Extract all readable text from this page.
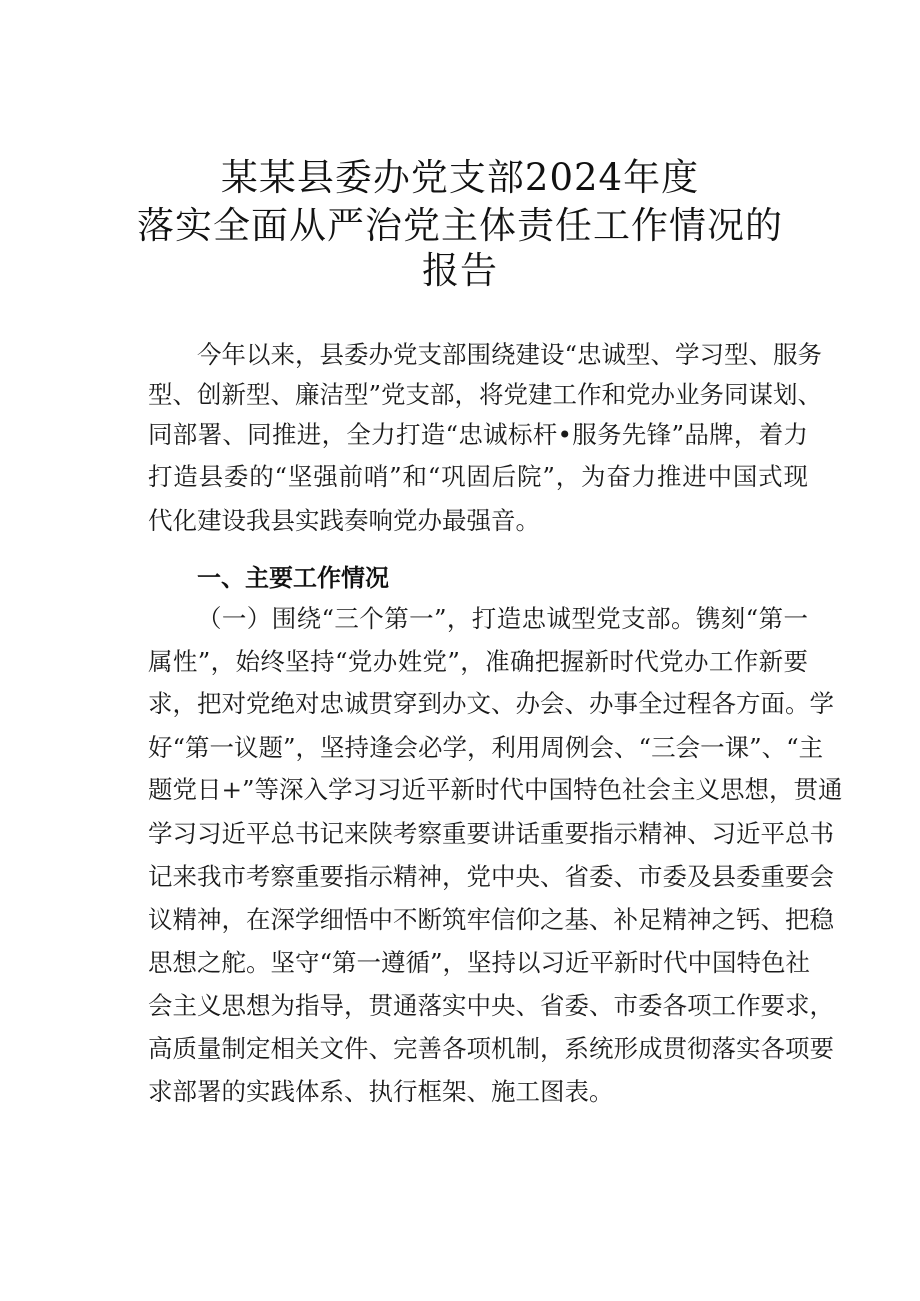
某某县委办党支部2024年度
落实全面从严治党主体责任工作情况的
报告
今年以来，县委办党支部围绕建设“忠诚型、学习型、服务
型、创新型、廉洁型”党支部，将党建工作和党办业务同谋划、
同部署、同推进，全力打造“忠诚标杆•服务先锋”品牌，着力
打造县委的“坚强前哨”和“巩固后院”，为奋力推进中国式现
代化建设我县实践奏响党办最强音。
一、主要工作情况
（一）围绕“三个第一”，打造忠诚型党支部。镌刻“第一
属性”，始终坚持“党办姓党”，准确把握新时代党办工作新要
求，把对党绝对忠诚贯穿到办文、办会、办事全过程各方面。学
好“第一议题”，坚持逢会必学，利用周例会、“三会一课”、“主
题党日+”等深入学习习近平新时代中国特色社会主义思想，贯通
学习习近平总书记来陕考察重要讲话重要指示精神、习近平总书
记来我市考察重要指示精神，党中央、省委、市委及县委重要会
议精神，在深学细悟中不断筑牢信仰之基、补足精神之钙、把稳
思想之舵。坚守“第一遵循”，坚持以习近平新时代中国特色社
会主义思想为指导，贯通落实中央、省委、市委各项工作要求，
高质量制定相关文件、完善各项机制，系统形成贯彻落实各项要
求部署的实践体系、执行框架、施工图表。
